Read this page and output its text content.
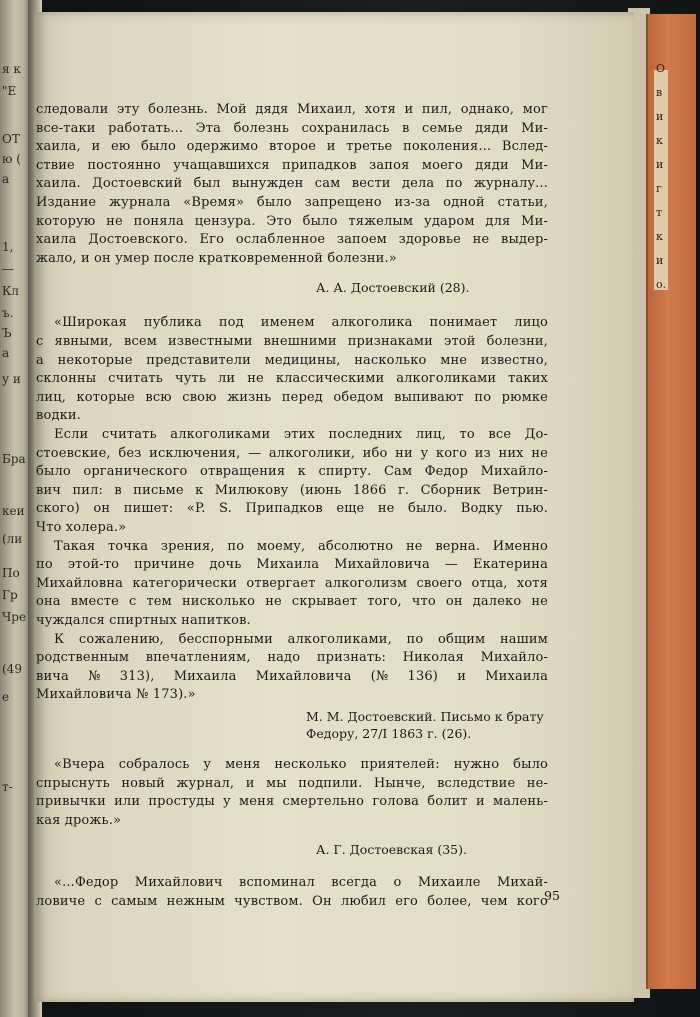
я к
"Е
ОТ
ю (
а
1,
—
Кл
ъ.
Ъ
a
у и
Бра
кеи
(ли
По
Гр
Чре
(49
е
т-
О
в
и
к
и
г
т
к
и
о.
следовали эту болезнь. Мой дядя Михаил, хотя и пил, однако, мог
все-таки работать... Эта болезнь сохранилась в семье дяди Ми-
хаила, и ею было одержимо второе и третье поколения... Вслед-
ствие постоянно учащавшихся припадков запоя моего дяди Ми-
хаила. Достоевский был вынужден сам вести дела по журналу...
Издание журнала «Время» было запрещено из-за одной статьи,
которую не поняла цензура. Это было тяжелым ударом для Ми-
хаила Достоевского. Его ослабленное запоем здоровье не выдер-
жало, и он умер после кратковременной болезни.»
А. А. Достоевский (28).
«Широкая публика под именем алкоголика понимает лицо
с явными, всем известными внешними признаками этой болезни,
а некоторые представители медицины, насколько мне известно,
склонны считать чуть ли не классическими алкоголиками таких
лиц, которые всю свою жизнь перед обедом выпивают по рюмке
водки.
Если считать алкоголиками этих последних лиц, то все До-
стоевские, без исключения, — алкоголики, ибо ни у кого из них не
было органического отвращения к спирту. Сам Федор Михайло-
вич пил: в письме к Милюкову (июнь 1866 г. Сборник Ветрин-
ского) он пишет: «P. S. Припадков еще не было. Водку пью.
Что холера.»
Такая точка зрения, по моему, абсолютно не верна. Именно
по этой-то причине дочь Михаила Михайловича — Екатерина
Михайловна категорически отвергает алкоголизм своего отца, хотя
она вместе с тем нисколько не скрывает того, что он далеко не
чуждался спиртных напитков.
К сожалению, бесспорными алкоголиками, по общим нашим
родственным впечатлениям, надо признать: Николая Михайло-
вича № 313), Михаила Михайловича (№ 136) и Михаила
Михайловича № 173).»
М. М. Достоевский. Письмо к брату
Федору, 27/I 1863 г. (26).
«Вчера собралось у меня несколько приятелей: нужно было
спрыснуть новый журнал, и мы подпили. Нынче, вследствие не-
привычки или простуды у меня смертельно голова болит и малень-
кая дрожь.»
А. Г. Достоевская (35).
«...Федор Михайлович вспоминал всегда о Михаиле Михай-
ловиче с самым нежным чувством. Он любил его более, чем кого
95
